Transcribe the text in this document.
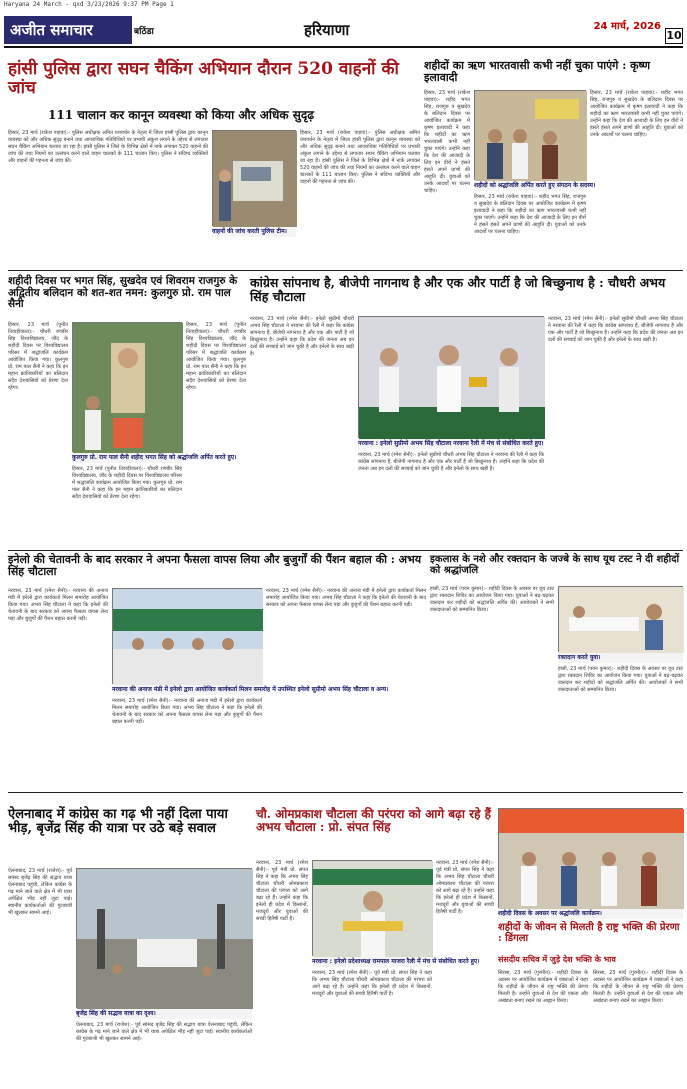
Haryana 24 March - qxd 3/23/2026 9:37 PM Page 1
अजीत समाचार	बठिंडा	हरियाणा	24 मार्च, 2026
10
हांसी पुलिस द्वारा सघन चैकिंग अभियान दौरान 520 वाहनों की जांच
111 चालान कर कानून व्यवस्था को किया और अधिक सुदृढ़
हिसार, 23 मार्च (राकेश पाहवा):- पुलिस अधीक्षक अमित यशवर्धन के नेतृत्व में जिला हांसी पुलिस द्वारा कानून व्यवस्था को और अधिक सुदृढ़ बनाने तथा आपराधिक गतिविधियों पर प्रभावी अंकुश लगाने के उद्देश्य से लगातार सघन चैकिंग अभियान चलाया जा रहा है। हांसी पुलिस ने जिले के विभिन्न क्षेत्रों में नाके लगाकर 520 वाहनों की जांच की तथा नियमों का उल्लंघन करने वाले वाहन चालकों के 111 चालान किए। पुलिस ने संदिग्ध व्यक्तियों और वाहनों की गहनता से जांच की।
वाहनों की जांच करती पुलिस टीम।
हिसार, 23 मार्च (राकेश पाहवा):- पुलिस अधीक्षक अमित यशवर्धन के नेतृत्व में जिला हांसी पुलिस द्वारा कानून व्यवस्था को और अधिक सुदृढ़ बनाने तथा आपराधिक गतिविधियों पर प्रभावी अंकुश लगाने के उद्देश्य से लगातार सघन चैकिंग अभियान चलाया जा रहा है। हांसी पुलिस ने जिले के विभिन्न क्षेत्रों में नाके लगाकर 520 वाहनों की जांच की तथा नियमों का उल्लंघन करने वाले वाहन चालकों के 111 चालान किए। पुलिस ने संदिग्ध व्यक्तियों और वाहनों की गहनता से जांच की।
शहीदों का ऋण भारतवासी कभी नहीं चुका पाएंगे : कृष्ण इलावादी
हिसार, 23 मार्च (राकेश पाहवा):- शहीद भगत सिंह, राजगुरु व सुखदेव के बलिदान दिवस पर आयोजित कार्यक्रम में कृष्ण इलावादी ने कहा कि शहीदों का ऋण भारतवासी कभी नहीं चुका पाएंगे। उन्होंने कहा कि देश की आजादी के लिए इन वीरों ने हंसते हंसते अपने प्राणों की आहुति दी। युवाओं को उनके आदर्शों पर चलना चाहिए।
शहीदों को श्रद्धांजलि अर्पित करते हुए संगठन के सदस्य।
हिसार, 23 मार्च (राकेश पाहवा):- शहीद भगत सिंह, राजगुरु व सुखदेव के बलिदान दिवस पर आयोजित कार्यक्रम में कृष्ण इलावादी ने कहा कि शहीदों का ऋण भारतवासी कभी नहीं चुका पाएंगे। उन्होंने कहा कि देश की आजादी के लिए इन वीरों ने हंसते हंसते अपने प्राणों की आहुति दी। युवाओं को उनके आदर्शों पर चलना चाहिए।
हिसार, 23 मार्च (राकेश पाहवा):- शहीद भगत सिंह, राजगुरु व सुखदेव के बलिदान दिवस पर आयोजित कार्यक्रम में कृष्ण इलावादी ने कहा कि शहीदों का ऋण भारतवासी कभी नहीं चुका पाएंगे। उन्होंने कहा कि देश की आजादी के लिए इन वीरों ने हंसते हंसते अपने प्राणों की आहुति दी। युवाओं को उनके आदर्शों पर चलना चाहिए।
शहीदी दिवस पर भगत सिंह, सुखदेव एवं शिवराम राजगुरु के अद्वितीय बलिदान को शत-शत नमन: कुलगुरु प्रो. राम पाल सैनी
हिसार, 23 मार्च (पुनीत तिवाड़ीवाला):- चौधरी रणबीर सिंह विश्वविद्यालय, जींद के शहीदी दिवस पर विश्वविद्यालय परिसर में श्रद्धांजलि कार्यक्रम आयोजित किया गया। कुलगुरु प्रो. राम पाल सैनी ने कहा कि इन महान क्रांतिकारियों का बलिदान सदैव देशवासियों को प्रेरणा देता रहेगा।
कुलगुरु प्रो. राम पाल सैनी शहीद भगत सिंह को श्रद्धांजलि अर्पित करते हुए।
हिसार, 23 मार्च (पुनीत तिवाड़ीवाला):- चौधरी रणबीर सिंह विश्वविद्यालय, जींद के शहीदी दिवस पर विश्वविद्यालय परिसर में श्रद्धांजलि कार्यक्रम आयोजित किया गया। कुलगुरु प्रो. राम पाल सैनी ने कहा कि इन महान क्रांतिकारियों का बलिदान सदैव देशवासियों को प्रेरणा देता रहेगा।
हिसार, 23 मार्च (पुनीत तिवाड़ीवाला):- चौधरी रणबीर सिंह विश्वविद्यालय, जींद के शहीदी दिवस पर विश्वविद्यालय परिसर में श्रद्धांजलि कार्यक्रम आयोजित किया गया। कुलगुरु प्रो. राम पाल सैनी ने कहा कि इन महान क्रांतिकारियों का बलिदान सदैव देशवासियों को प्रेरणा देता रहेगा।
कांग्रेस सांपनाथ है, बीजेपी नागनाथ है और एक और पार्टी है जो बिच्छुनाथ है : चौधरी अभय सिंह चौटाला
नरवाना, 23 मार्च (रमेश सैनी):- इनेलो सुप्रीमो चौधरी अभय सिंह चौटाला ने नरवाना की रैली में कहा कि कांग्रेस सांपनाथ है, बीजेपी नागनाथ है और एक और पार्टी है जो बिच्छुनाथ है। उन्होंने कहा कि प्रदेश की जनता अब इन दलों की सच्चाई को जान चुकी है और इनेलो के साथ खड़ी है।
नरवाना : इनेलो सुप्रीमो अभय सिंह चौटाला नरवाना रैली में मंच से संबोधित करते हुए।
नरवाना, 23 मार्च (रमेश सैनी):- इनेलो सुप्रीमो चौधरी अभय सिंह चौटाला ने नरवाना की रैली में कहा कि कांग्रेस सांपनाथ है, बीजेपी नागनाथ है और एक और पार्टी है जो बिच्छुनाथ है। उन्होंने कहा कि प्रदेश की जनता अब इन दलों की सच्चाई को जान चुकी है और इनेलो के साथ खड़ी है।
नरवाना, 23 मार्च (रमेश सैनी):- इनेलो सुप्रीमो चौधरी अभय सिंह चौटाला ने नरवाना की रैली में कहा कि कांग्रेस सांपनाथ है, बीजेपी नागनाथ है और एक और पार्टी है जो बिच्छुनाथ है। उन्होंने कहा कि प्रदेश की जनता अब इन दलों की सच्चाई को जान चुकी है और इनेलो के साथ खड़ी है।
इनेलो की चेतावनी के बाद सरकार ने अपना फैसला वापस लिया और बुजुर्गों की पैंशन बहाल की : अभय सिंह चौटाला
नरवाना, 23 मार्च (रमेश सैनी):- नरवाना की अनाज मंडी में इनेलो द्वारा कार्यकर्ता मिलन समारोह आयोजित किया गया। अभय सिंह चौटाला ने कहा कि इनेलो की चेतावनी के बाद सरकार को अपना फैसला वापस लेना पड़ा और बुजुर्गों की पैंशन बहाल करनी पड़ी।
नरवाना की अनाज मंडी में इनेलो द्वारा आयोजित कार्यकर्ता मिलन समारोह में उपस्थित इनेलो सुप्रीमो अभय सिंह चौटाला व अन्य।
नरवाना, 23 मार्च (रमेश सैनी):- नरवाना की अनाज मंडी में इनेलो द्वारा कार्यकर्ता मिलन समारोह आयोजित किया गया। अभय सिंह चौटाला ने कहा कि इनेलो की चेतावनी के बाद सरकार को अपना फैसला वापस लेना पड़ा और बुजुर्गों की पैंशन बहाल करनी पड़ी।
नरवाना, 23 मार्च (रमेश सैनी):- नरवाना की अनाज मंडी में इनेलो द्वारा कार्यकर्ता मिलन समारोह आयोजित किया गया। अभय सिंह चौटाला ने कहा कि इनेलो की चेतावनी के बाद सरकार को अपना फैसला वापस लेना पड़ा और बुजुर्गों की पैंशन बहाल करनी पड़ी।
इकलास के नशे और रक्तदान के जज्बे के साथ यूथ टस्ट ने दी शहीदों को श्रद्धांजलि
हांसी, 23 मार्च (पवन कुमार):- शहीदी दिवस के अवसर पर यूथ टस्ट द्वारा रक्तदान शिविर का आयोजन किया गया। युवाओं ने बढ़-चढ़कर रक्तदान कर शहीदों को श्रद्धांजलि अर्पित की। आयोजकों ने सभी रक्तदाताओं को सम्मानित किया।
रक्तदान करते युवा।
हांसी, 23 मार्च (पवन कुमार):- शहीदी दिवस के अवसर पर यूथ टस्ट द्वारा रक्तदान शिविर का आयोजन किया गया। युवाओं ने बढ़-चढ़कर रक्तदान कर शहीदों को श्रद्धांजलि अर्पित की। आयोजकों ने सभी रक्तदाताओं को सम्मानित किया।
ऐलनाबाद में कांग्रेस का गढ़ भी नहीं दिला पाया भीड़, बृजेंद्र सिंह की यात्रा पर उठे बड़े सवाल
ऐलनाबाद, 23 मार्च (राजेश):- पूर्व सांसद बृजेंद्र सिंह की सद्भाव यात्रा ऐलनाबाद पहुंची, लेकिन कांग्रेस के गढ़ माने जाने वाले क्षेत्र में भी यात्रा अपेक्षित भीड़ नहीं जुटा पाई। स्थानीय कार्यकर्ताओं की गुटबाजी भी खुलकर सामने आई।
बृजेंद्र सिंह की सद्भाव यात्रा का दृश्य।
ऐलनाबाद, 23 मार्च (राजेश):- पूर्व सांसद बृजेंद्र सिंह की सद्भाव यात्रा ऐलनाबाद पहुंची, लेकिन कांग्रेस के गढ़ माने जाने वाले क्षेत्र में भी यात्रा अपेक्षित भीड़ नहीं जुटा पाई। स्थानीय कार्यकर्ताओं की गुटबाजी भी खुलकर सामने आई।
चौ. ओमप्रकाश चौटाला की परंपरा को आगे बढ़ा रहे हैं अभय चौटाला : प्रो. संपत सिंह
नरवाना, 23 मार्च (रमेश सैनी):- पूर्व मंत्री प्रो. संपत सिंह ने कहा कि अभय सिंह चौटाला चौधरी ओमप्रकाश चौटाला की परंपरा को आगे बढ़ा रहे हैं। उन्होंने कहा कि इनेलो ही प्रदेश में किसानों, मजदूरों और युवाओं की सच्ची हितैषी पार्टी है।
नरवाना : इनेलो प्रदेशाध्यक्ष रामपाल माजरा रैली में मंच से संबोधित करते हुए।
नरवाना, 23 मार्च (रमेश सैनी):- पूर्व मंत्री प्रो. संपत सिंह ने कहा कि अभय सिंह चौटाला चौधरी ओमप्रकाश चौटाला की परंपरा को आगे बढ़ा रहे हैं। उन्होंने कहा कि इनेलो ही प्रदेश में किसानों, मजदूरों और युवाओं की सच्ची हितैषी पार्टी है।
नरवाना, 23 मार्च (रमेश सैनी):- पूर्व मंत्री प्रो. संपत सिंह ने कहा कि अभय सिंह चौटाला चौधरी ओमप्रकाश चौटाला की परंपरा को आगे बढ़ा रहे हैं। उन्होंने कहा कि इनेलो ही प्रदेश में किसानों, मजदूरों और युवाओं की सच्ची हितैषी पार्टी है।	शहीदी दिवस के अवसर पर श्रद्धांजलि कार्यक्रम।
शहीदों के जीवन से मिलती है राष्ट्र भक्ति की प्रेरणा : डिंगला
संसदीय सचिव में जुड़े देश भक्ति के भाव
सिरसा, 23 मार्च (गुरमीत):- शहीदी दिवस के अवसर पर आयोजित कार्यक्रम में वक्ताओं ने कहा कि शहीदों के जीवन से राष्ट्र भक्ति की प्रेरणा मिलती है। उन्होंने युवाओं से देश की एकता और अखंडता बनाए रखने का आह्वान किया।
सिरसा, 23 मार्च (गुरमीत):- शहीदी दिवस के अवसर पर आयोजित कार्यक्रम में वक्ताओं ने कहा कि शहीदों के जीवन से राष्ट्र भक्ति की प्रेरणा मिलती है। उन्होंने युवाओं से देश की एकता और अखंडता बनाए रखने का आह्वान किया।
